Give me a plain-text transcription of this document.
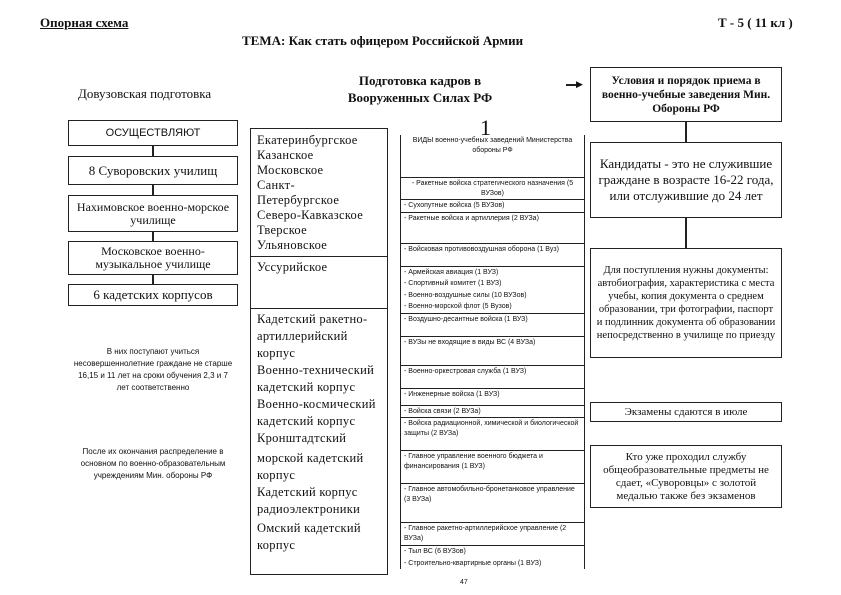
Опорная схема	Т - 5 ( 11 кл )
ТЕМА: Как стать офицером Российской Армии
Довузовская подготовка
ОСУЩЕСТВЛЯЮТ
8 Суворовских училищ
Нахимовское военно-морское училище
Московское военно-музыкальное училище
6 кадетских корпусов
В них поступают учиться несовершеннолетние граждане не старше 16,15 и 11 лет на сроки обучения 2,3 и 7 лет соответственно
После их окончания распределение в основном по военно-образовательным учреждениям Мин. обороны РФ
Подготовка кадров в Вооруженных Силах РФ
1
▶
Екатеринбургское
Казанское
Московское
Санкт-
Петербургское
Северо-Кавказское
Тверское
Ульяновское
Уссурийское
Кадетский ракетно-
артиллерийский
корпус
Военно-технический
кадетский корпус
Военно-космический
кадетский корпус
Кронштадтский
морской кадетский
корпус
Кадетский корпус
радиоэлектроники
Омский кадетский
корпус
ВИДЫ военно-учебных заведений Министерства обороны РФ
- Ракетные войска стратегического назначения (5 ВУЗов)
- Сухопутные войска (5 ВУЗов)
- Ракетные войска и артиллерия (2 ВУЗа)
- Войсковая противовоздушная оборона (1 Вуз)
- Армейская авиация (1 ВУЗ)
- Спортивный комитет (1 ВУЗ)
- Военно-воздушные силы (10 ВУЗов)
- Военно-морской флот (5 Вузов)
- Воздушно-десантные войска (1 ВУЗ)
- ВУЗы не входящие в виды ВС (4 ВУЗа)
- Военно-оркестровая служба (1 ВУЗ)
- Инженерные войска (1 ВУЗ)
- Войска связи (2 ВУЗа)
- Войска радиационной, химической и биологической защиты (2 ВУЗа)
- Главное управление военного бюджета и финансирования (1 ВУЗ)
- Главное автомобильно-бронетанковое управление (3 ВУЗа)
- Главное ракетно-артиллерийское управление (2 ВУЗа)
- Тыл ВС (6 ВУЗов)
- Строительно-квартирные органы (1 ВУЗ)
47
Условия и порядок приема в военно-учебные заведения Мин. Обороны РФ
Кандидаты - это не служившие граждане в возрасте 16-22 года, или отслужившие до 24 лет
Для поступления нужны документы: автобиография, характеристика с места учебы, копия документа о среднем образовании, три фотографии, паспорт и подлинник документа об образовании непосредственно в училище по приезду
Экзамены сдаются в июле
Кто уже проходил службу общеобразовательные предметы не сдает, «Суворовцы» с золотой медалью также без экзаменов
